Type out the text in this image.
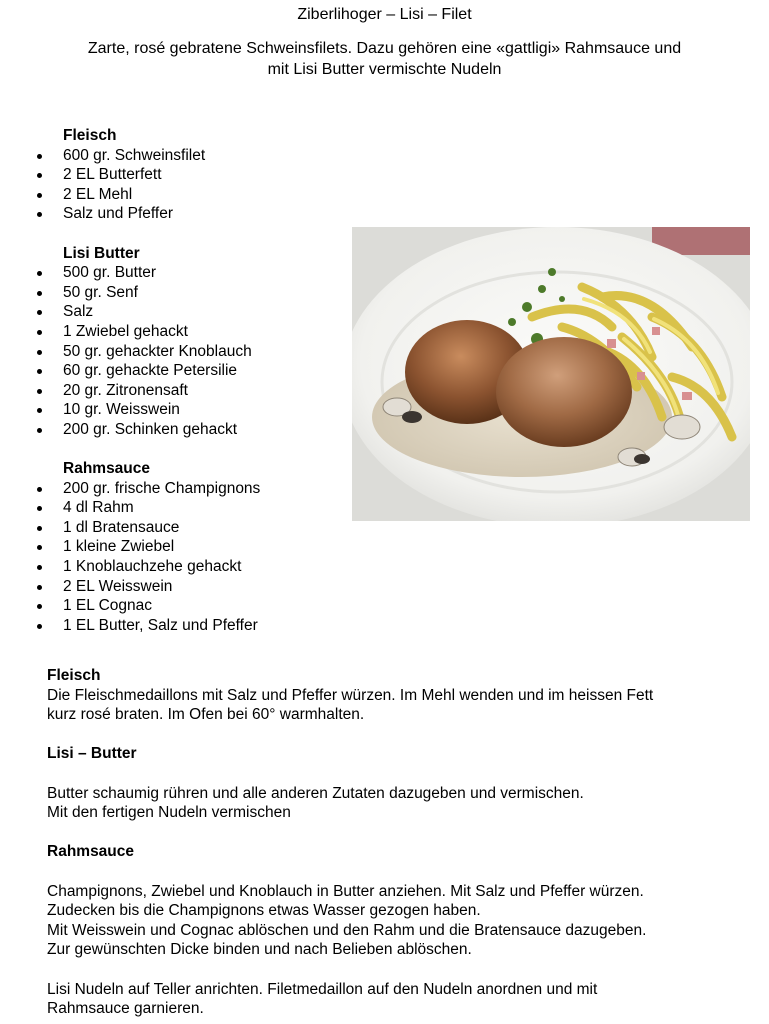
Ziberlihoger – Lisi – Filet
Zarte, rosé gebratene Schweinsfilets. Dazu gehören eine «gattligi» Rahmsauce und
mit Lisi Butter vermischte Nudeln
Fleisch
600 gr. Schweinsfilet
2 EL Butterfett
2 EL Mehl
Salz und Pfeffer
Lisi Butter
500 gr. Butter
50 gr. Senf
Salz
1 Zwiebel gehackt
50 gr. gehackter Knoblauch
60 gr. gehackte Petersilie
20 gr. Zitronensaft
10 gr. Weisswein
200 gr. Schinken gehackt
Rahmsauce
200 gr. frische Champignons
4 dl Rahm
1 dl Bratensauce
1 kleine Zwiebel
1 Knoblauchzehe gehackt
2 EL Weisswein
1 EL Cognac
1 EL Butter, Salz und Pfeffer
Fleisch
Die Fleischmedaillons mit Salz und Pfeffer würzen. Im Mehl wenden und im heissen Fett
kurz rosé braten. Im Ofen bei 60° warmhalten.
Lisi – Butter
Butter schaumig rühren und alle anderen Zutaten dazugeben und vermischen.
Mit den fertigen Nudeln vermischen
Rahmsauce
Champignons, Zwiebel und Knoblauch in Butter anziehen. Mit Salz und Pfeffer würzen.
Zudecken bis die Champignons etwas Wasser gezogen haben.
Mit Weisswein und Cognac ablöschen und den Rahm und die Bratensauce dazugeben.
Zur gewünschten Dicke binden und nach Belieben ablöschen.
Lisi Nudeln auf Teller anrichten. Filetmedaillon auf den Nudeln anordnen und mit
Rahmsauce garnieren.
